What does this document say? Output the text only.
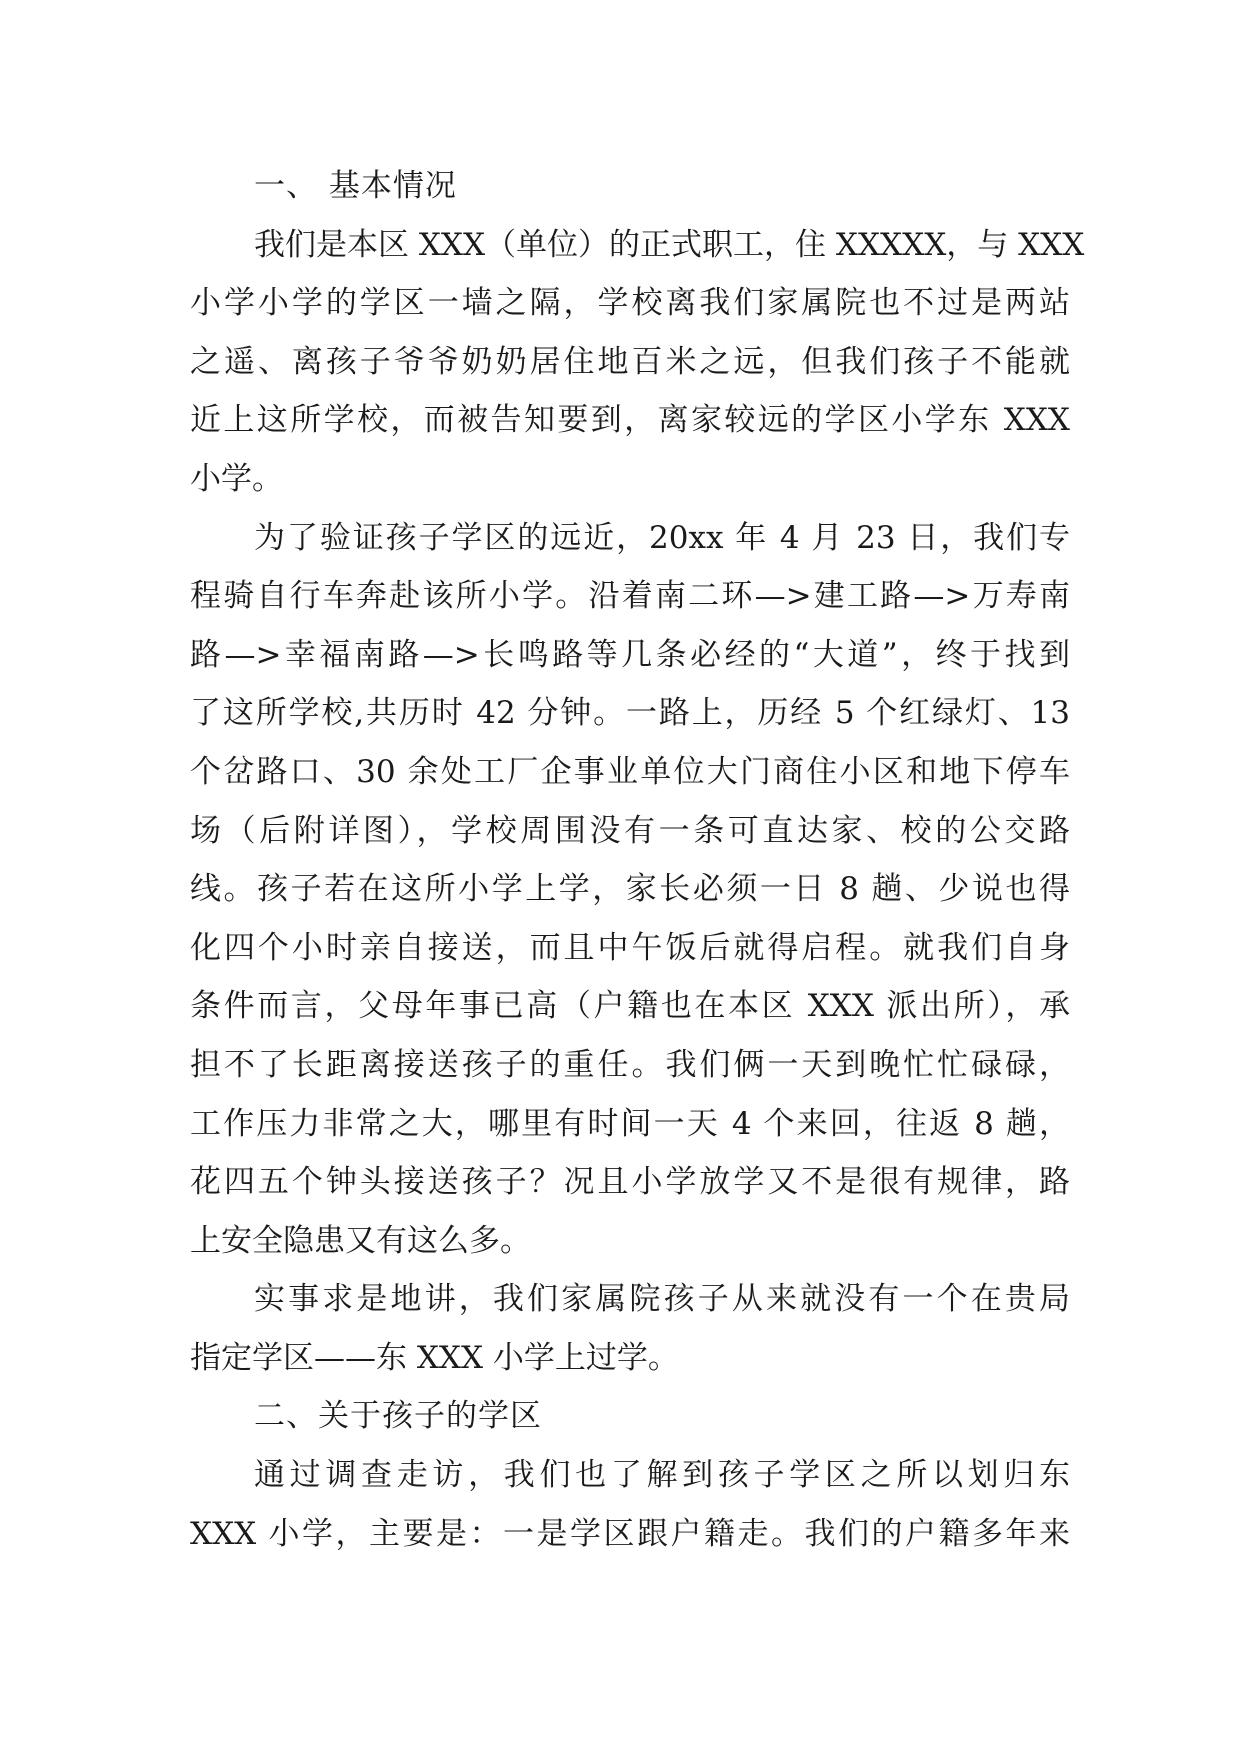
一、 基本情况
我们是本区 XXX（单位）的正式职工，住 XXXXX，与 XXX
小学小学的学区一墙之隔，学校离我们家属院也不过是两站
之遥、离孩子爷爷奶奶居住地百米之远，但我们孩子不能就
近上这所学校，而被告知要到，离家较远的学区小学东 XXX
小学。
为了验证孩子学区的远近，20xx 年 4 月 23 日，我们专
程骑自行车奔赴该所小学。沿着南二环—>建工路—>万寿南
路—>幸福南路—>长鸣路等几条必经的“大道”，终于找到
了这所学校,共历时 42 分钟。一路上，历经 5 个红绿灯、13
个岔路口、30 余处工厂企事业单位大门商住小区和地下停车
场（后附详图），学校周围没有一条可直达家、校的公交路
线。孩子若在这所小学上学，家长必须一日 8 趟、少说也得
化四个小时亲自接送，而且中午饭后就得启程。就我们自身
条件而言，父母年事已高（户籍也在本区 XXX 派出所），承
担不了长距离接送孩子的重任。我们俩一天到晚忙忙碌碌，
工作压力非常之大，哪里有时间一天 4 个来回，往返 8 趟，
花四五个钟头接送孩子？况且小学放学又不是很有规律，路
上安全隐患又有这么多。
实事求是地讲，我们家属院孩子从来就没有一个在贵局
指定学区——东 XXX 小学上过学。
二、关于孩子的学区
通过调查走访，我们也了解到孩子学区之所以划归东
XXX 小学，主要是：一是学区跟户籍走。我们的户籍多年来
